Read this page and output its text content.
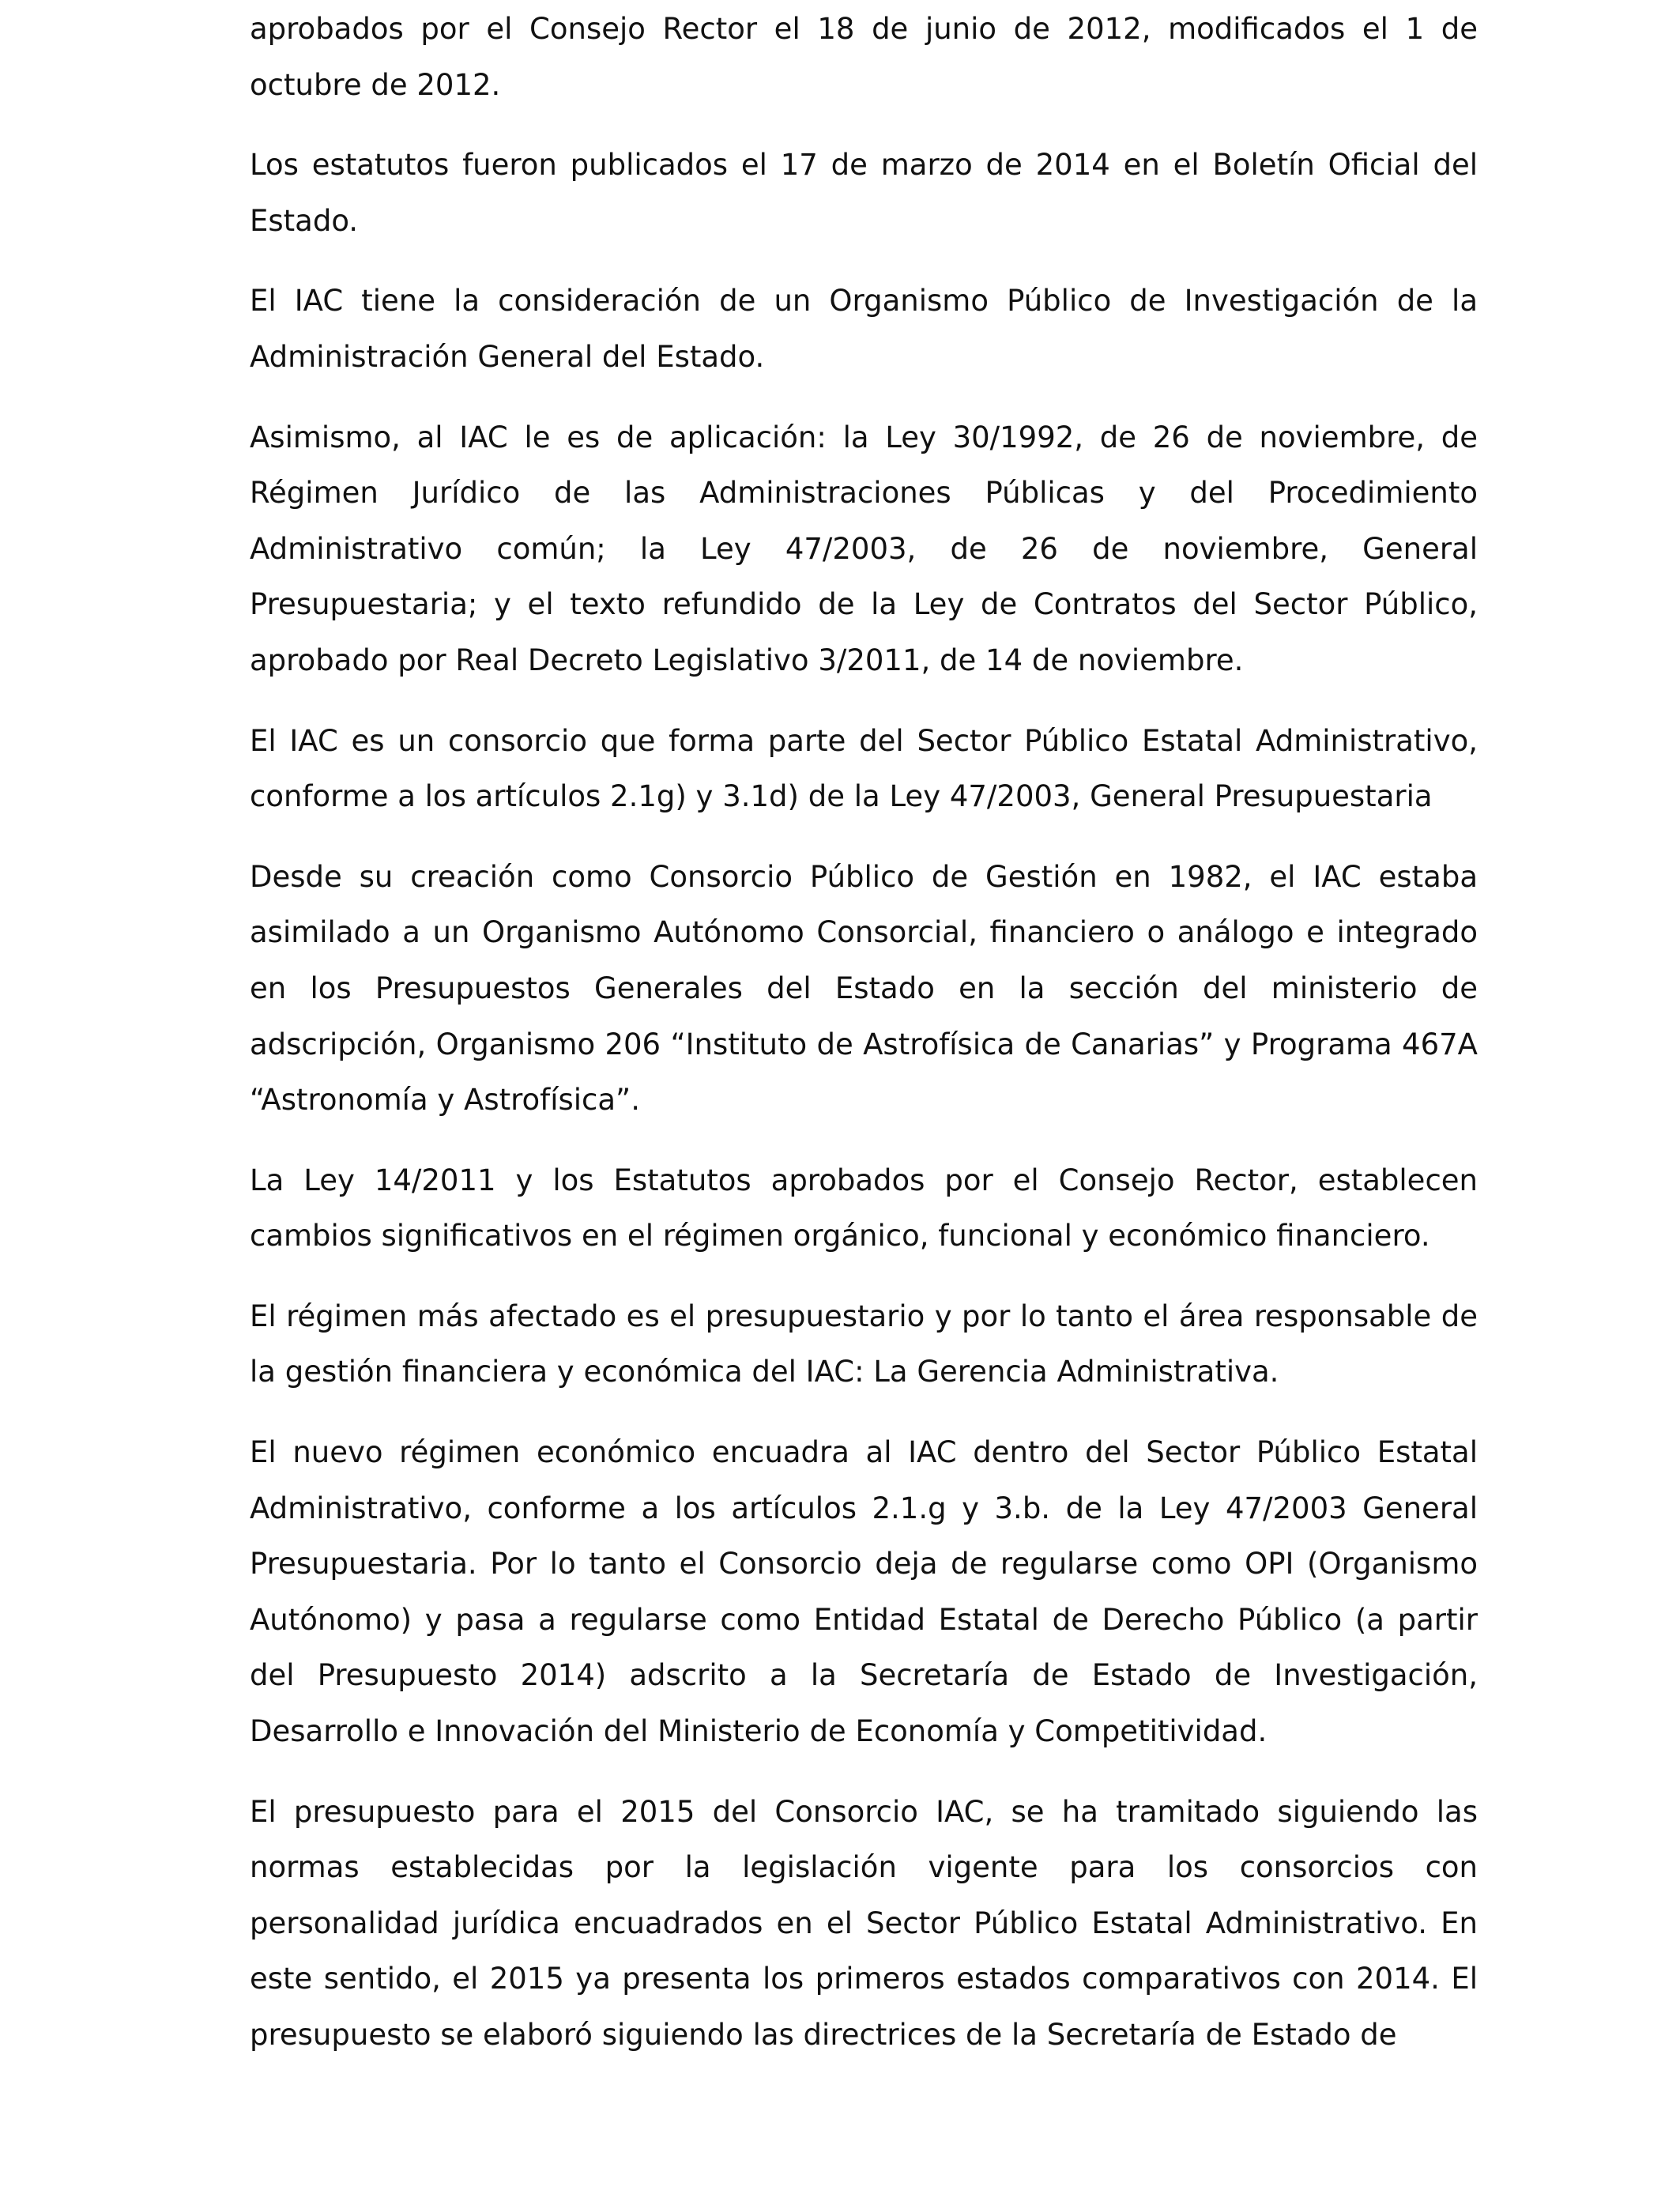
aprobados por el Consejo Rector el 18 de junio de 2012, modificados el 1 de octubre de 2012.

Los estatutos fueron publicados el 17 de marzo de 2014 en el Boletín Oficial del Estado.

El IAC tiene la consideración de un Organismo Público de Investigación de la Administración General del Estado.

Asimismo, al IAC le es de aplicación: la Ley 30/1992, de 26 de noviembre, de Régimen Jurídico de las Administraciones Públicas y del Procedimiento Administrativo común; la Ley 47/2003, de 26 de noviembre, General Presupuestaria; y el texto refundido de la Ley de Contratos del Sector Público, aprobado por Real Decreto Legislativo 3/2011, de 14 de noviembre.

El IAC es un consorcio que forma parte del Sector Público Estatal Administrativo, conforme a los artículos 2.1g) y 3.1d) de la Ley 47/2003, General Presupuestaria

Desde su creación como Consorcio Público de Gestión en 1982, el IAC estaba asimilado a un Organismo Autónomo Consorcial, financiero o análogo e integrado en los Presupuestos Generales del Estado en la sección del ministerio de adscripción, Organismo 206 “Instituto de Astrofísica de Canarias” y Programa 467A “Astronomía y Astrofísica”.

La Ley 14/2011 y los Estatutos aprobados por el Consejo Rector, establecen cambios significativos en el régimen orgánico, funcional y económico financiero.

El régimen más afectado es el presupuestario y por lo tanto el área responsable de la gestión financiera y económica del IAC: La Gerencia Administrativa.

El nuevo régimen económico encuadra al IAC dentro del Sector Público Estatal Administrativo, conforme a los artículos 2.1.g y 3.b. de la Ley 47/2003 General Presupuestaria. Por lo tanto el Consorcio deja de regularse como OPI (Organismo Autónomo) y pasa a regularse como Entidad Estatal de Derecho Público (a partir del Presupuesto 2014) adscrito a la Secretaría de Estado de Investigación, Desarrollo e Innovación del Ministerio de Economía y Competitividad.

El presupuesto para el 2015 del Consorcio IAC, se ha tramitado siguiendo las normas establecidas por la legislación vigente para los consorcios con personalidad jurídica encuadrados en el Sector Público Estatal Administrativo. En este sentido, el 2015 ya presenta los primeros estados comparativos con 2014. El presupuesto se elaboró siguiendo las directrices de la Secretaría de Estado de
